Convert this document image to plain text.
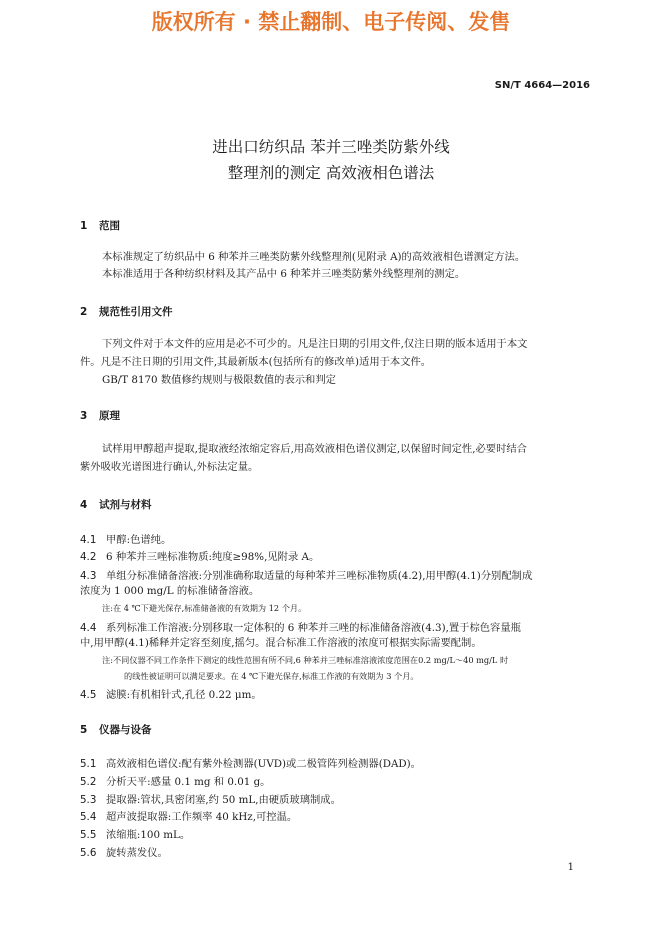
版权所有 · 禁止翻制、电子传阅、发售
SN/T 4664—2016
进出口纺织品 苯并三唑类防紫外线
整理剂的测定 高效液相色谱法
1 范围
本标准规定了纺织品中 6 种苯并三唑类防紫外线整理剂(见附录 A)的高效液相色谱测定方法。
本标准适用于各种纺织材料及其产品中 6 种苯并三唑类防紫外线整理剂的测定。
2 规范性引用文件
下列文件对于本文件的应用是必不可少的。凡是注日期的引用文件,仅注日期的版本适用于本文
件。凡是不注日期的引用文件,其最新版本(包括所有的修改单)适用于本文件。
GB/T 8170 数值修约规则与极限数值的表示和判定
3 原理
试样用甲醇超声提取,提取液经浓缩定容后,用高效液相色谱仪测定,以保留时间定性,必要时结合
紫外吸收光谱图进行确认,外标法定量。
4 试剂与材料
4.1 甲醇:色谱纯。
4.2 6 种苯并三唑标准物质:纯度≥98%,见附录 A。
4.3 单组分标准储备溶液:分别准确称取适量的每种苯并三唑标准物质(4.2),用甲醇(4.1)分别配制成
浓度为 1 000 mg/L 的标准储备溶液。
注:在 4 ℃下避光保存,标准储备液的有效期为 12 个月。
4.4 系列标准工作溶液:分别移取一定体积的 6 种苯并三唑的标准储备溶液(4.3),置于棕色容量瓶
中,用甲醇(4.1)稀释并定容至刻度,摇匀。混合标准工作溶液的浓度可根据实际需要配制。
注:不同仪器不同工作条件下测定的线性范围有所不同,6 种苯并三唑标准溶液浓度范围在0.2 mg/L～40 mg/L 时
的线性被证明可以满足要求。在 4 ℃下避光保存,标准工作液的有效期为 3 个月。
4.5 滤膜:有机相针式,孔径 0.22 μm。
5 仪器与设备
5.1 高效液相色谱仪:配有紫外检测器(UVD)或二极管阵列检测器(DAD)。
5.2 分析天平:感量 0.1 mg 和 0.01 g。
5.3 提取器:管状,具密闭塞,约 50 mL,由硬质玻璃制成。
5.4 超声波提取器:工作频率 40 kHz,可控温。
5.5 浓缩瓶:100 mL。
5.6 旋转蒸发仪。
1
